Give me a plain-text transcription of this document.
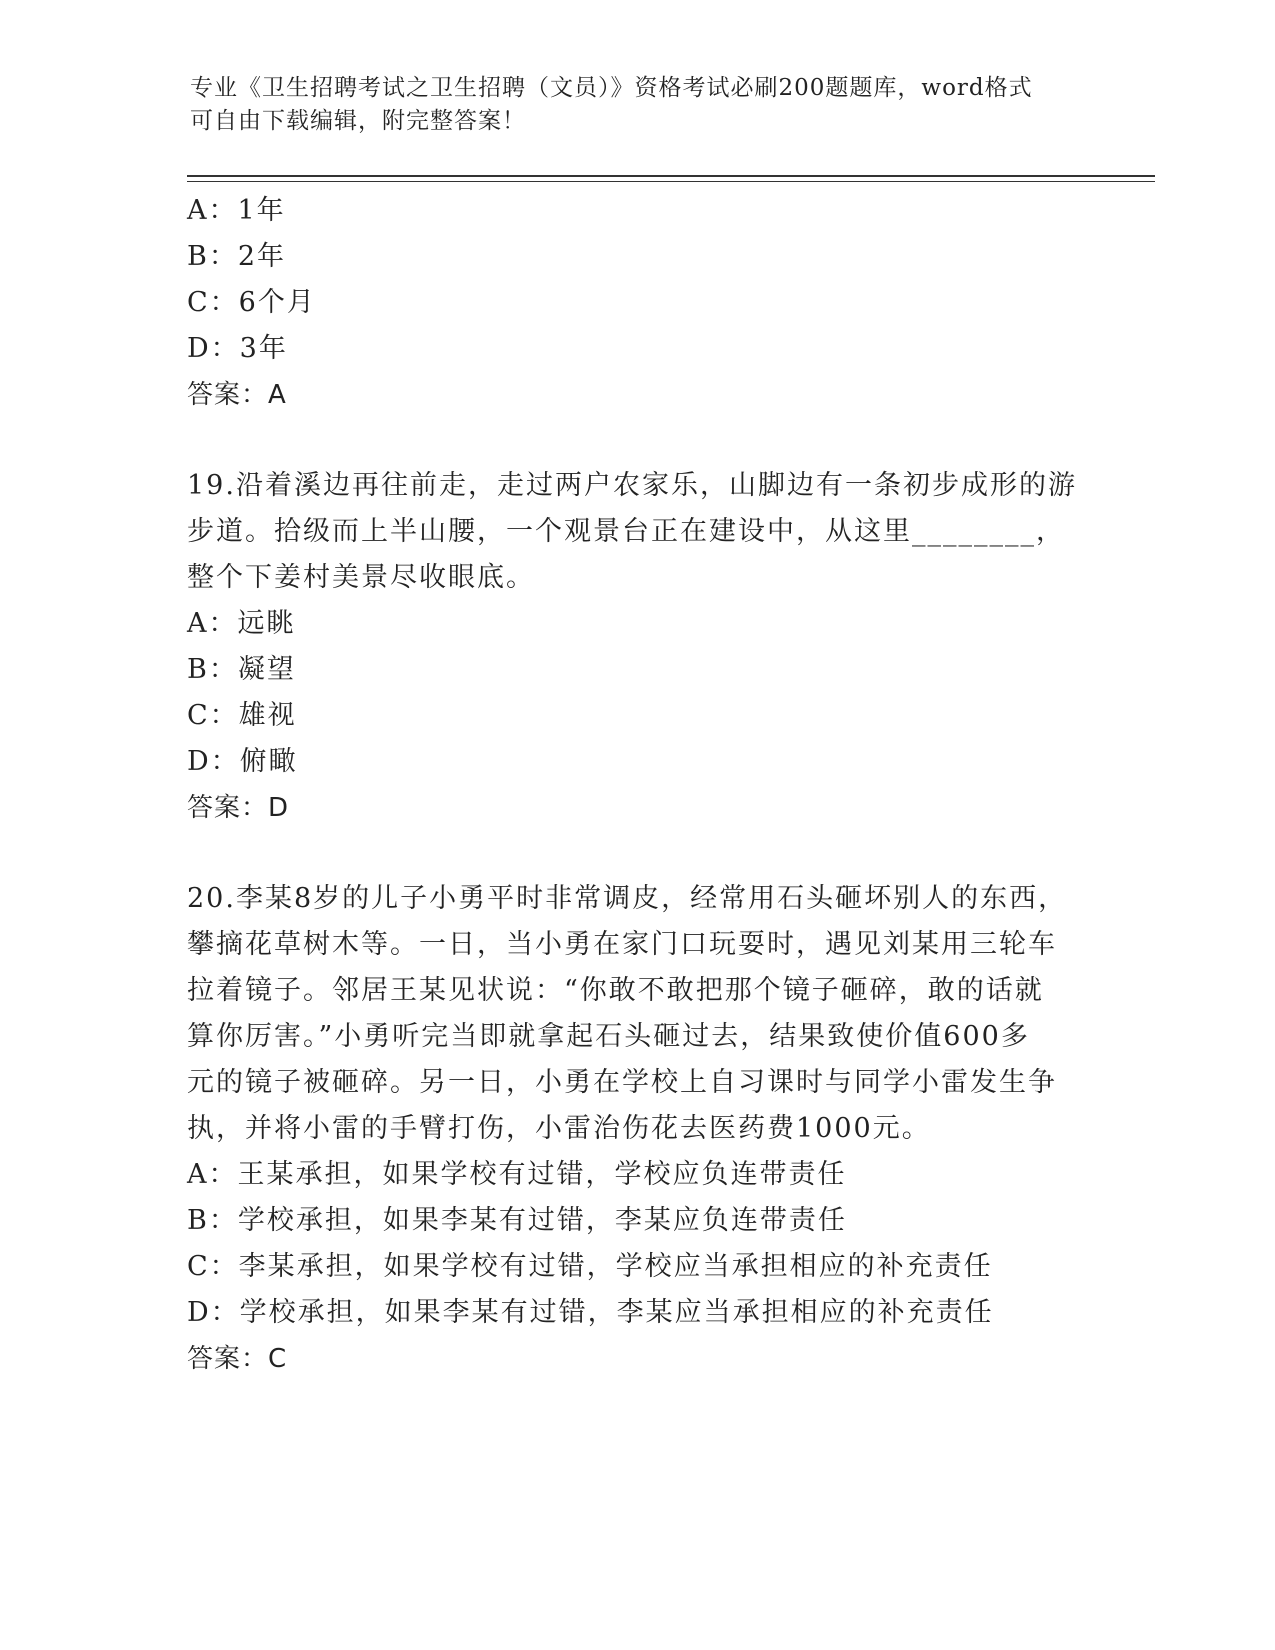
专业《卫生招聘考试之卫生招聘（文员）》资格考试必刷200题题库，word格式
可自由下载编辑，附完整答案！
A：1年
B：2年
C：6个月
D：3年
答案：A
19.沿着溪边再往前走，走过两户农家乐，山脚边有一条初步成形的游
步道。拾级而上半山腰，一个观景台正在建设中，从这里________，
整个下姜村美景尽收眼底。
A：远眺
B：凝望
C：雄视
D：俯瞰
答案：D
20.李某8岁的儿子小勇平时非常调皮，经常用石头砸坏别人的东西，
攀摘花草树木等。一日，当小勇在家门口玩耍时，遇见刘某用三轮车
拉着镜子。邻居王某见状说：“你敢不敢把那个镜子砸碎，敢的话就
算你厉害。”小勇听完当即就拿起石头砸过去，结果致使价值600多
元的镜子被砸碎。另一日，小勇在学校上自习课时与同学小雷发生争
执，并将小雷的手臂打伤，小雷治伤花去医药费1000元。
A：王某承担，如果学校有过错，学校应负连带责任
B：学校承担，如果李某有过错，李某应负连带责任
C：李某承担，如果学校有过错，学校应当承担相应的补充责任
D：学校承担，如果李某有过错，李某应当承担相应的补充责任
答案：C
